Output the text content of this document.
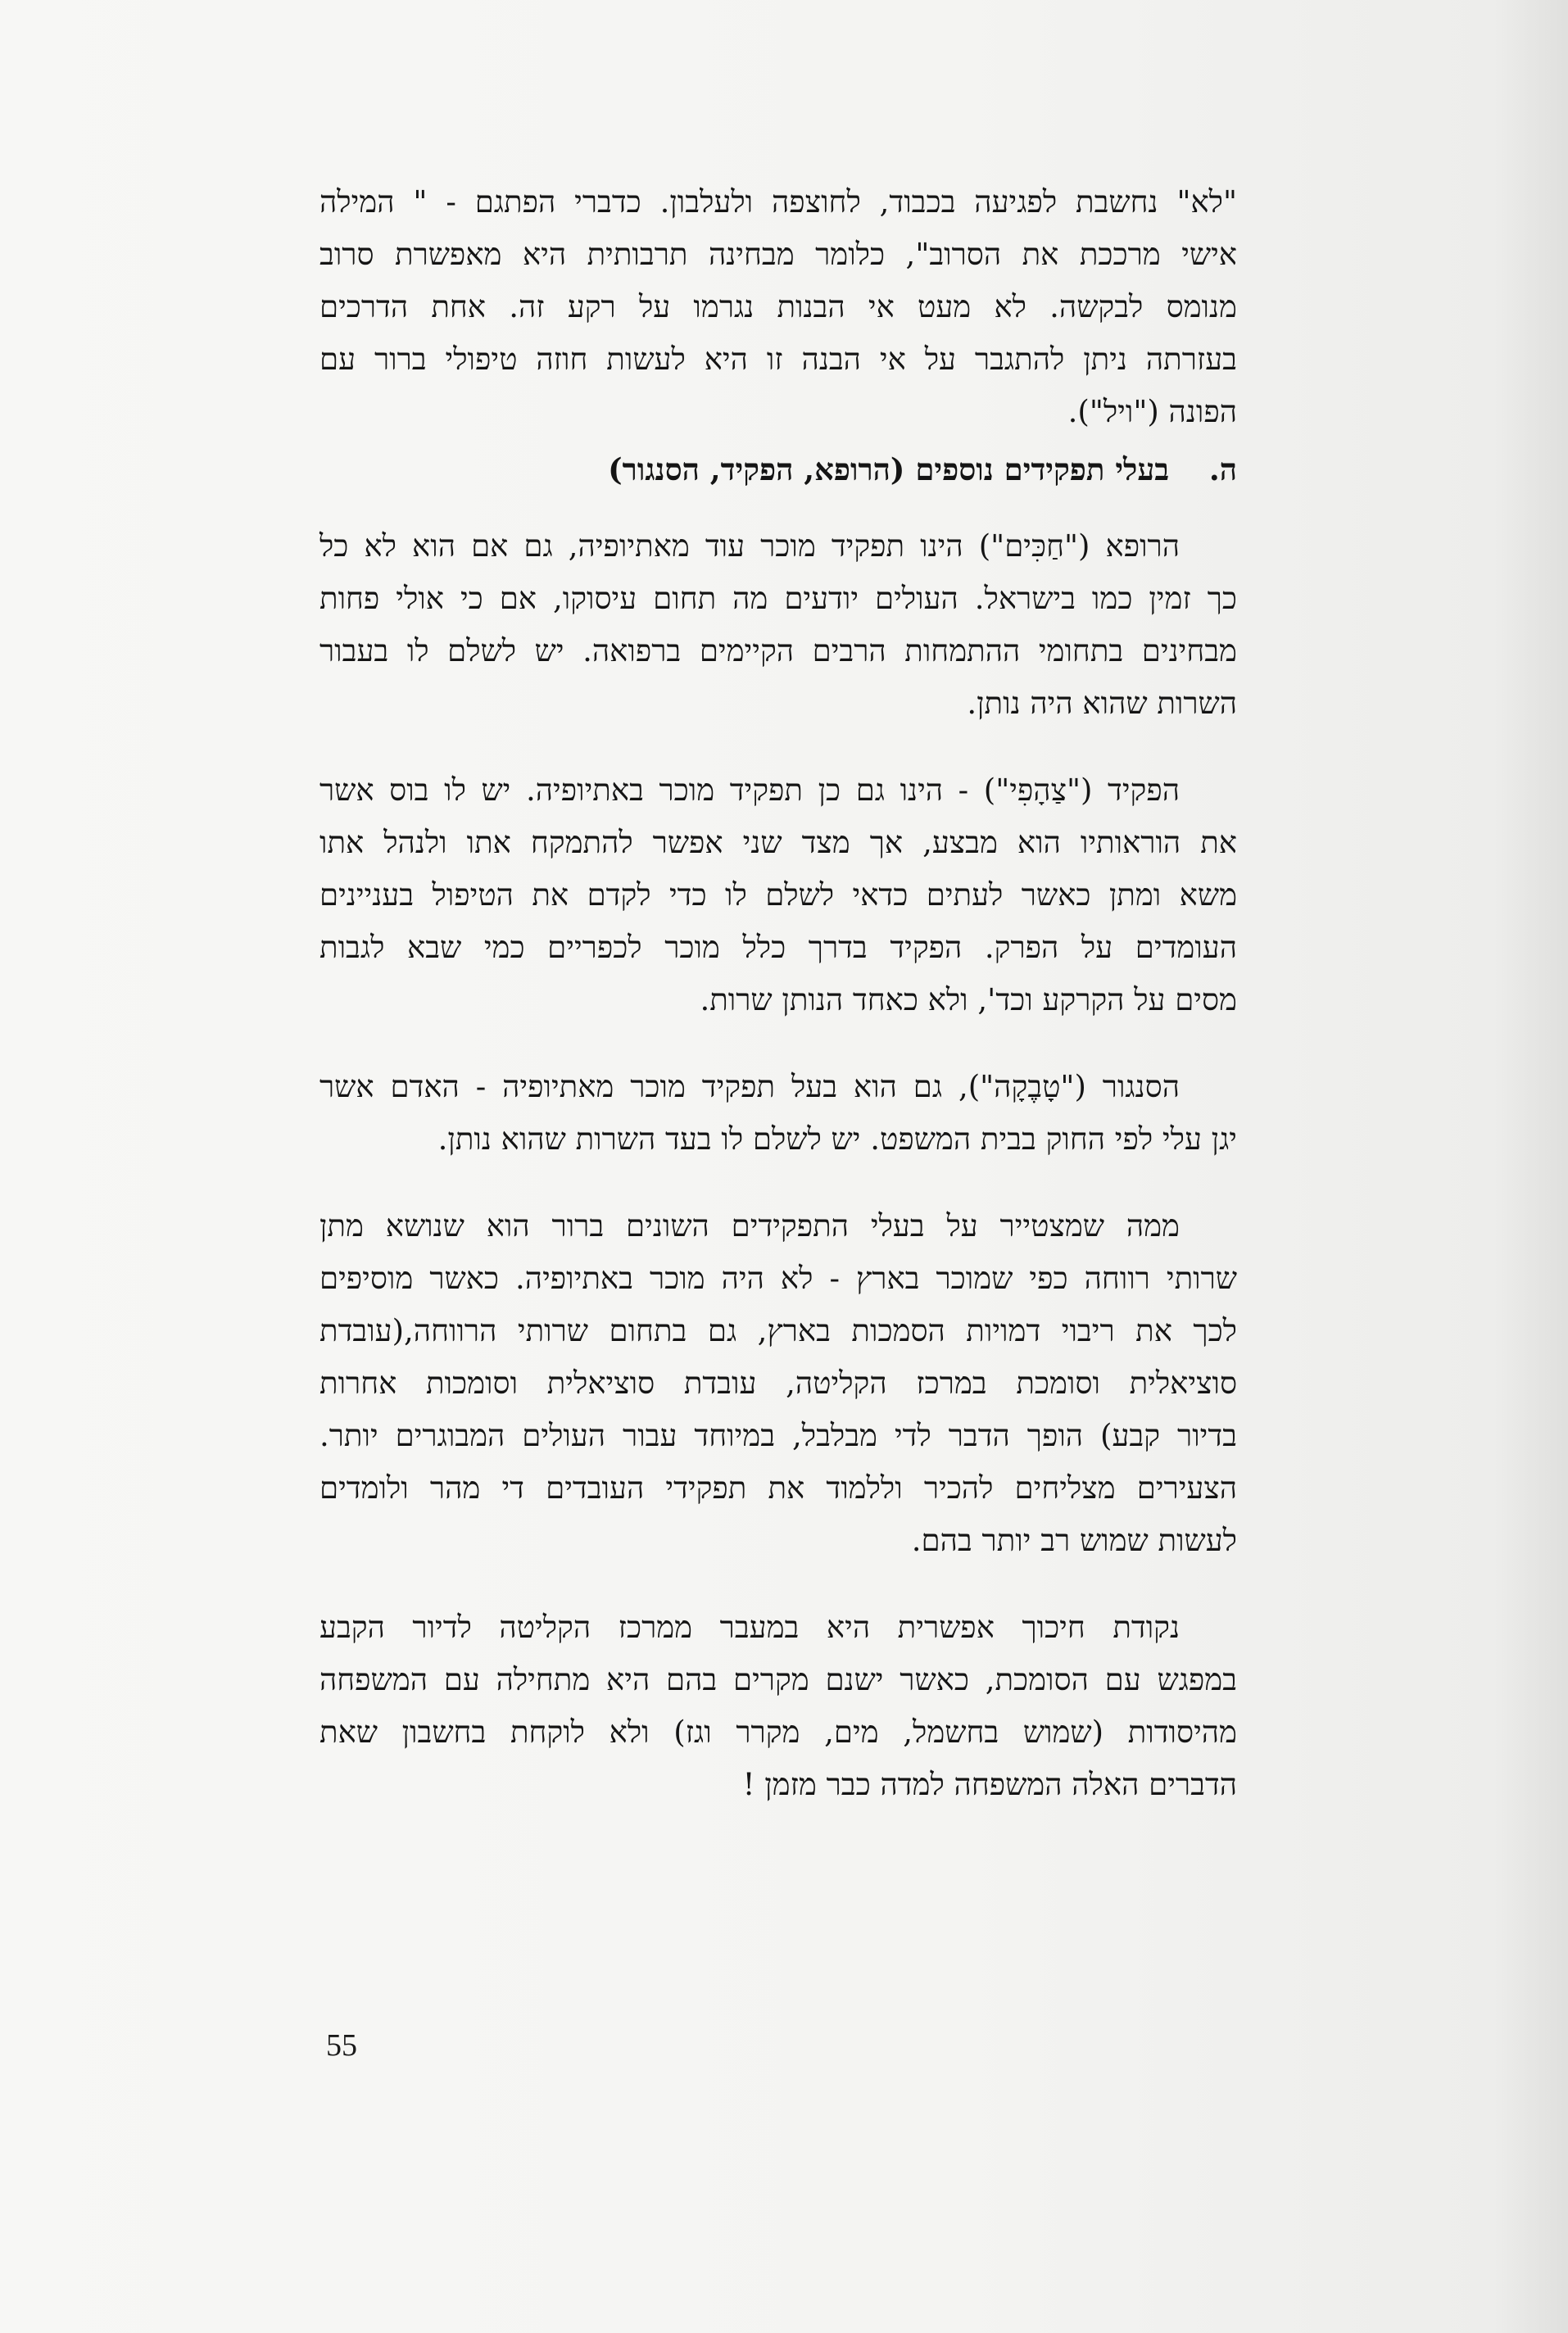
"לא" נחשבת לפגיעה בכבוד, לחוצפה ולעלבון. כדברי הפתגם - " המילה
אישי מרככת את הסרוב", כלומר מבחינה תרבותית היא מאפשרת סרוב
מנומס לבקשה. לא מעט אי הבנות נגרמו על רקע זה. אחת הדרכים
בעזרתה ניתן להתגבר על אי הבנה זו היא לעשות חוזה טיפולי ברור עם
הפונה ("ויל").
ה. בעלי תפקידים נוספים (הרופא, הפקיד, הסנגור)
הרופא ("חַכִּים") הינו תפקיד מוכר עוד מאתיופיה, גם אם הוא לא כל
כך זמין כמו בישראל. העולים יודעים מה תחום עיסוקו, אם כי אולי פחות
מבחינים בתחומי ההתמחות הרבים הקיימים ברפואה. יש לשלם לו בעבור
השרות שהוא היה נותן.
הפקיד ("צַהָפִי") - הינו גם כן תפקיד מוכר באתיופיה. יש לו בוס אשר
את הוראותיו הוא מבצע, אך מצד שני אפשר להתמקח אתו ולנהל אתו
משא ומתן כאשר לעתים כדאי לשלם לו כדי לקדם את הטיפול בעניינים
העומדים על הפרק. הפקיד בדרך כלל מוכר לכפריים כמי שבא לגבות
מסים על הקרקע וכד', ולא כאחד הנותן שרות.
הסנגור ("טָבֶקָה"), גם הוא בעל תפקיד מוכר מאתיופיה - האדם אשר
יגן עלי לפי החוק בבית המשפט. יש לשלם לו בעד השרות שהוא נותן.
ממה שמצטייר על בעלי התפקידים השונים ברור הוא שנושא מתן
שרותי רווחה כפי שמוכר בארץ - לא היה מוכר באתיופיה. כאשר מוסיפים
לכך את ריבוי דמויות הסמכות בארץ, גם בתחום שרותי הרווחה,(עובדת
סוציאלית וסומכת במרכז הקליטה, עובדת סוציאלית וסומכות אחרות
בדיור קבע) הופך הדבר לדי מבלבל, במיוחד עבור העולים המבוגרים יותר.
הצעירים מצליחים להכיר וללמוד את תפקידי העובדים די מהר ולומדים
לעשות שמוש רב יותר בהם.
נקודת חיכוך אפשרית היא במעבר ממרכז הקליטה לדיור הקבע
במפגש עם הסומכת, כאשר ישנם מקרים בהם היא מתחילה עם המשפחה
מהיסודות (שמוש בחשמל, מים, מקרר וגז) ולא לוקחת בחשבון שאת
הדברים האלה המשפחה למדה כבר מזמן !
55
